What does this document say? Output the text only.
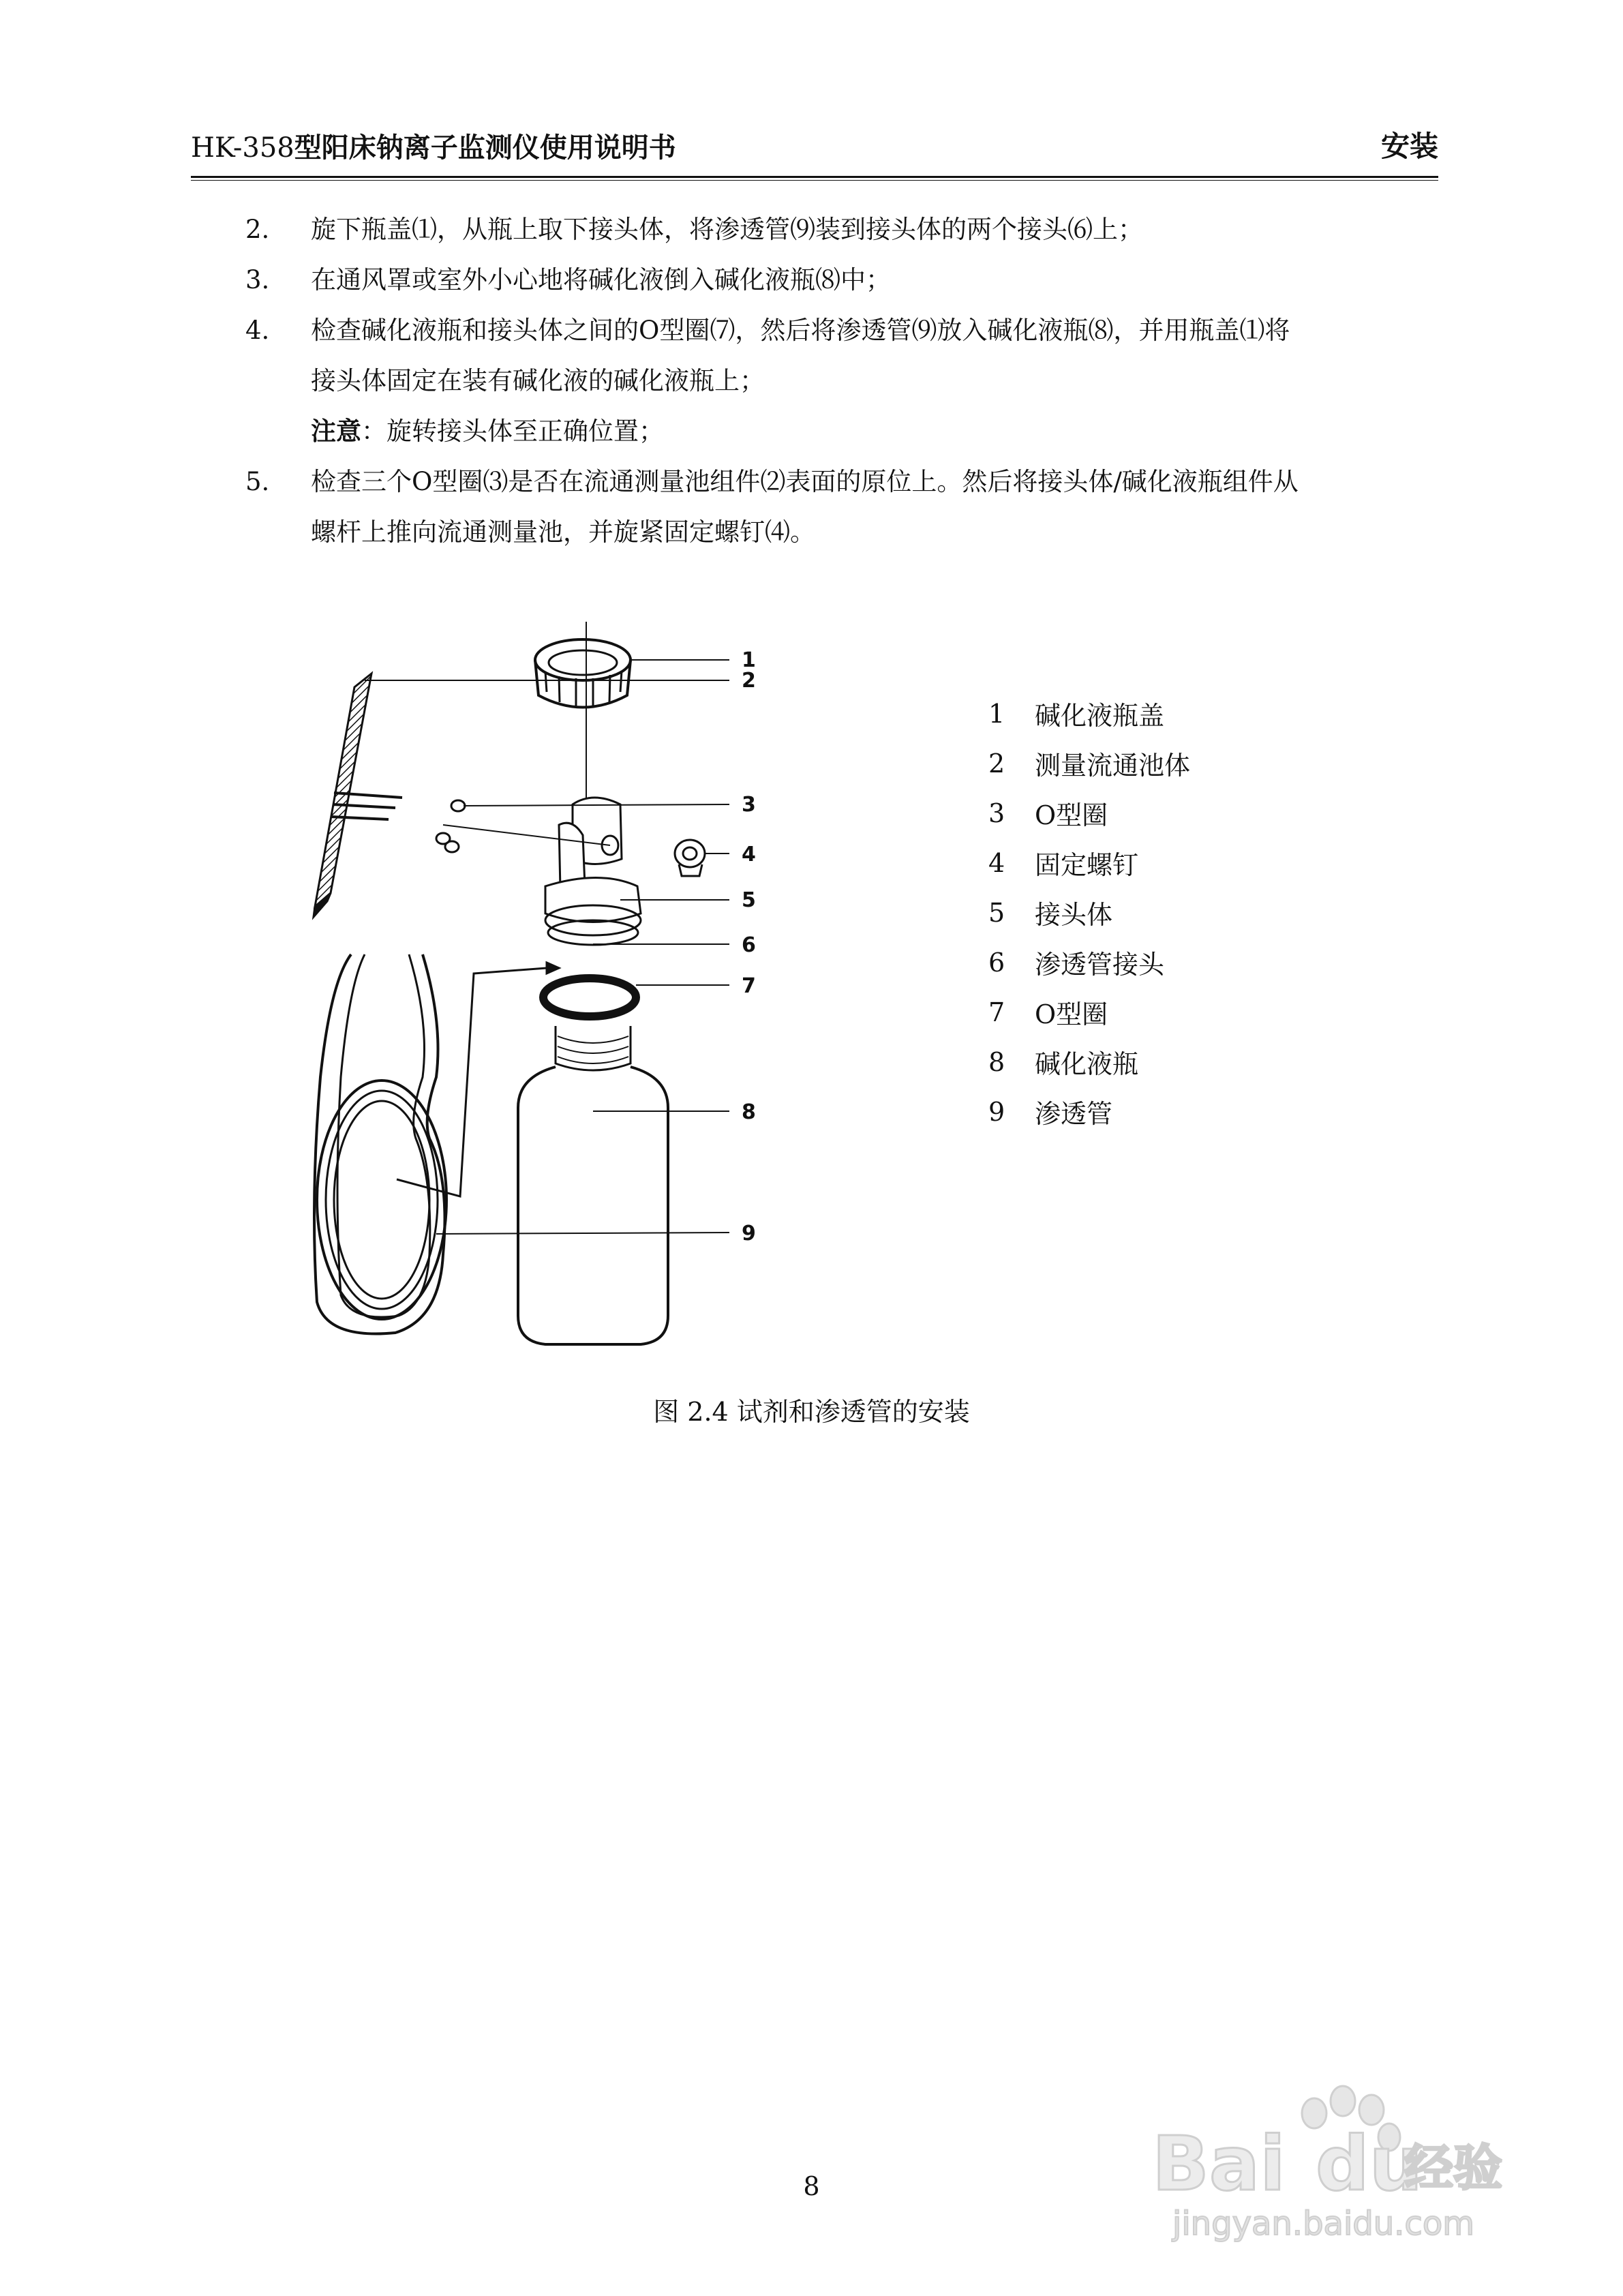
HK-358型阳床钠离子监测仪使用说明书	安装
2. 旋下瓶盖⑴，从瓶上取下接头体，将渗透管⑼装到接头体的两个接头⑹上；
3. 在通风罩或室外小心地将碱化液倒入碱化液瓶⑻中；
4. 检查碱化液瓶和接头体之间的O型圈⑺，然后将渗透管⑼放入碱化液瓶⑻，并用瓶盖⑴将
接头体固定在装有碱化液的碱化液瓶上；
注意：旋转接头体至正确位置；
5. 检查三个O型圈⑶是否在流通测量池组件⑵表面的原位上。然后将接头体/碱化液瓶组件从
螺杆上推向流通测量池，并旋紧固定螺钉⑷。
1
2
3
4
5
6
7
8
9
1	碱化液瓶盖
2	测量流通池体
3	O型圈
4	固定螺钉
5	接头体
6	渗透管接头
7	O型圈
8	碱化液瓶
9	渗透管
图 2.4 试剂和渗透管的安装
8	Bai du
经验
jingyan.baidu.com
